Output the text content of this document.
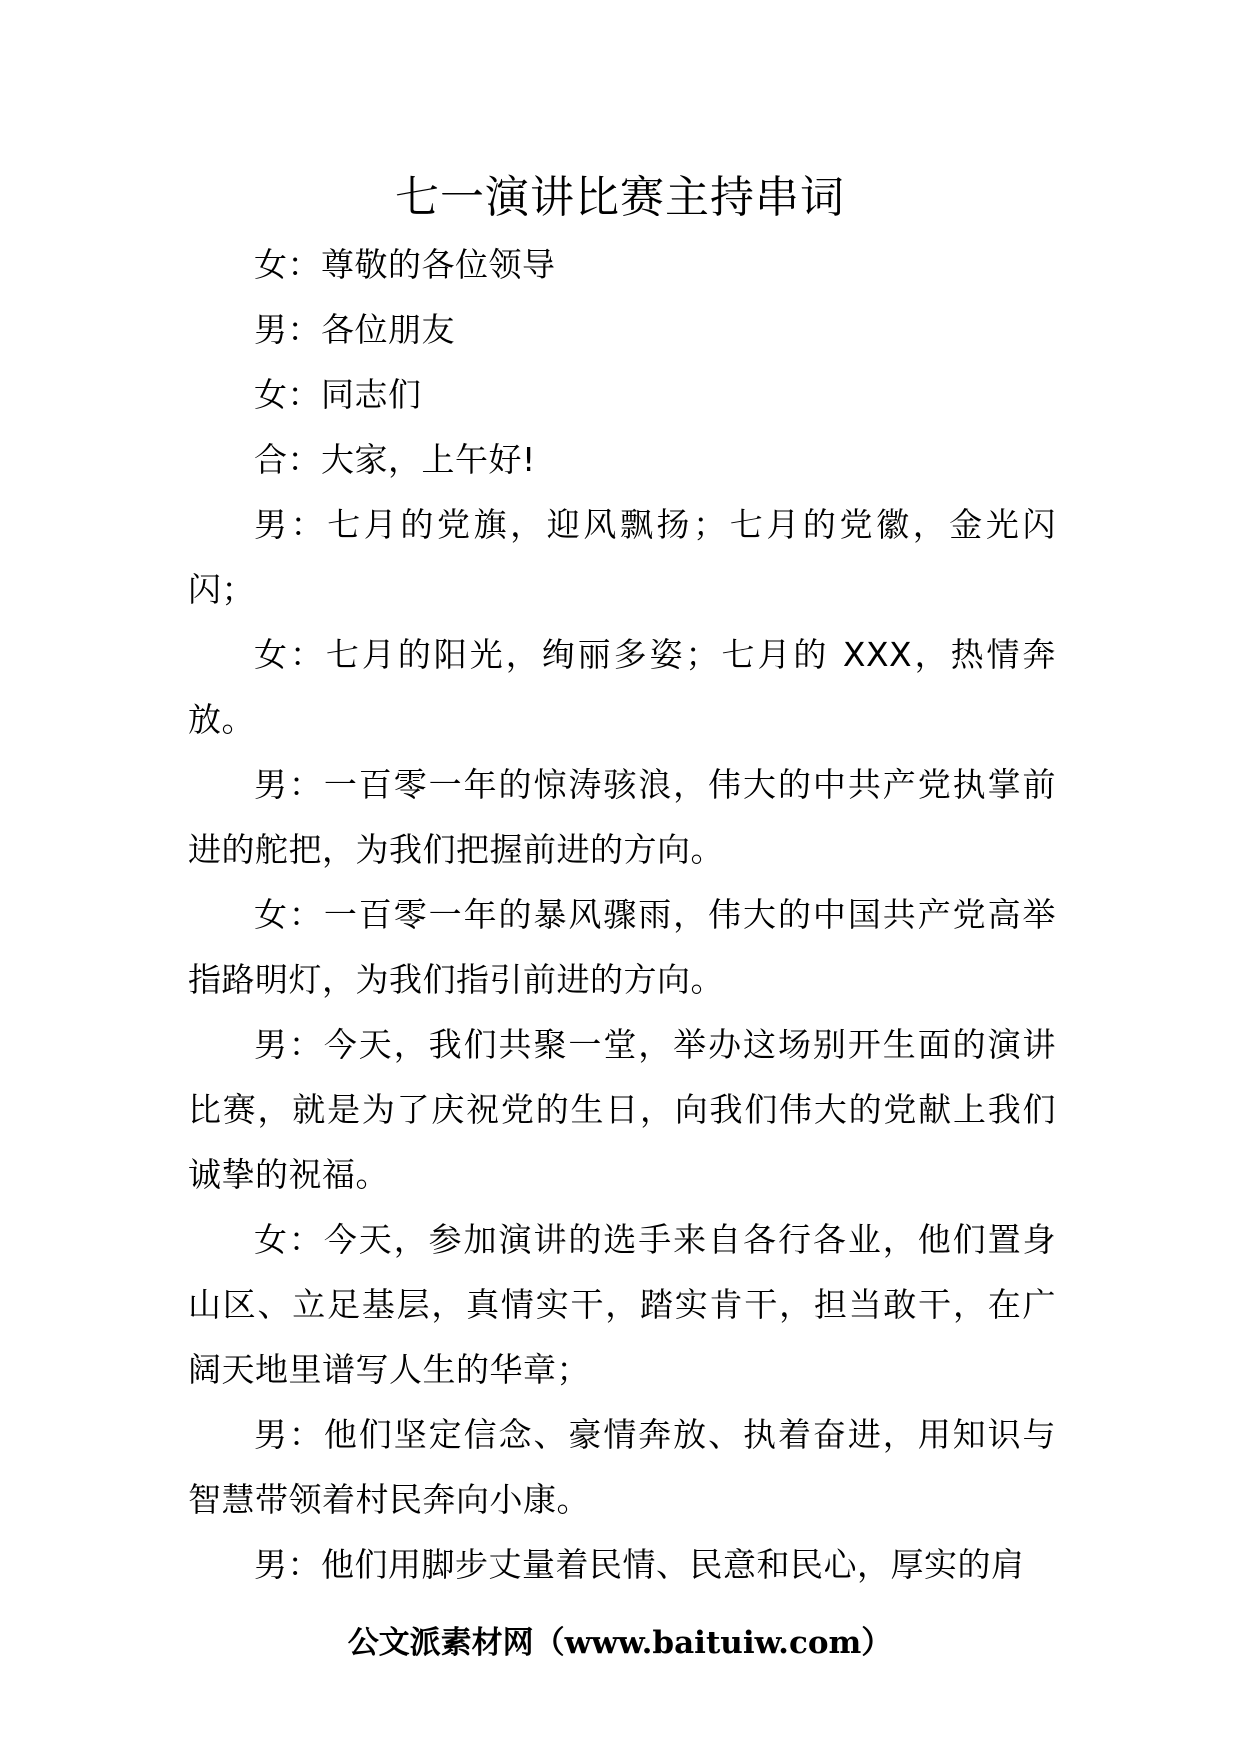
七一演讲比赛主持串词

女：尊敬的各位领导

男：各位朋友

女：同志们

合：大家，上午好!

男：七月的党旗，迎风飘扬；七月的党徽，金光闪闪；

女：七月的阳光，绚丽多姿；七月的 XXX，热情奔放。

男：一百零一年的惊涛骇浪，伟大的中共产党执掌前进的舵把，为我们把握前进的方向。

女：一百零一年的暴风骤雨，伟大的中国共产党高举指路明灯，为我们指引前进的方向。

男：今天，我们共聚一堂，举办这场别开生面的演讲比赛，就是为了庆祝党的生日，向我们伟大的党献上我们诚挚的祝福。

女：今天，参加演讲的选手来自各行各业，他们置身山区、立足基层，真情实干，踏实肯干，担当敢干，在广阔天地里谱写人生的华章；

男：他们坚定信念、豪情奔放、执着奋进，用知识与智慧带领着村民奔向小康。

男：他们用脚步丈量着民情、民意和民心，厚实的肩

公文派素材网（www.baituiw.com）
